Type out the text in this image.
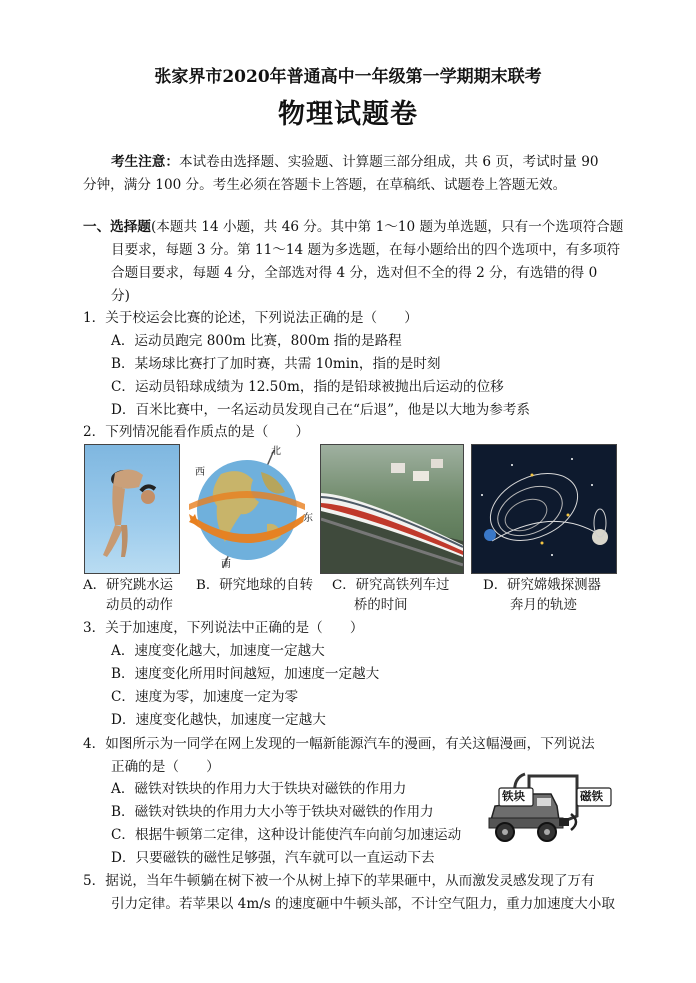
张家界市2020年普通高中一年级第一学期期末联考
物理试题卷
考生注意：本试卷由选择题、实验题、计算题三部分组成，共 6 页，考试时量 90
分钟，满分 100 分。考生必须在答题卡上答题，在草稿纸、试题卷上答题无效。
一、选择题(本题共 14 小题，共 46 分。其中第 1～10 题为单选题，只有一个选项符合题
目要求，每题 3 分。第 11～14 题为多选题，在每小题给出的四个选项中，有多项符
合题目要求，每题 4 分，全部选对得 4 分，选对但不全的得 2 分，有选错的得 0
分)
1．关于校运会比赛的论述，下列说法正确的是（　　）
A．运动员跑完 800m 比赛，800m 指的是路程
B．某场球比赛打了加时赛，共需 10min，指的是时刻
C．运动员铅球成绩为 12.50m，指的是铅球被抛出后运动的位移
D．百米比赛中，一名运动员发现自己在“后退”，他是以大地为参考系
2．下列情况能看作质点的是（　　）
北
西
东
南
A．研究跳水运
动员的动作
B．研究地球的自转 C．研究高铁列车过
桥的时间
D．研究嫦娥探测器
奔月的轨迹
3．关于加速度，下列说法中正确的是（　　）
A．速度变化越大，加速度一定越大
B．速度变化所用时间越短，加速度一定越大
C．速度为零，加速度一定为零
D．速度变化越快，加速度一定越大
4．如图所示为一同学在网上发现的一幅新能源汽车的漫画，有关这幅漫画，下列说法
正确的是（　　）
A．磁铁对铁块的作用力大于铁块对磁铁的作用力
B．磁铁对铁块的作用力大小等于铁块对磁铁的作用力
C．根据牛顿第二定律，这种设计能使汽车向前匀加速运动
D．只要磁铁的磁性足够强，汽车就可以一直运动下去
铁块	磁铁
5．据说，当年牛顿躺在树下被一个从树上掉下的苹果砸中，从而激发灵感发现了万有
引力定律。若苹果以 4m/s 的速度砸中牛顿头部，不计空气阻力，重力加速度大小取
